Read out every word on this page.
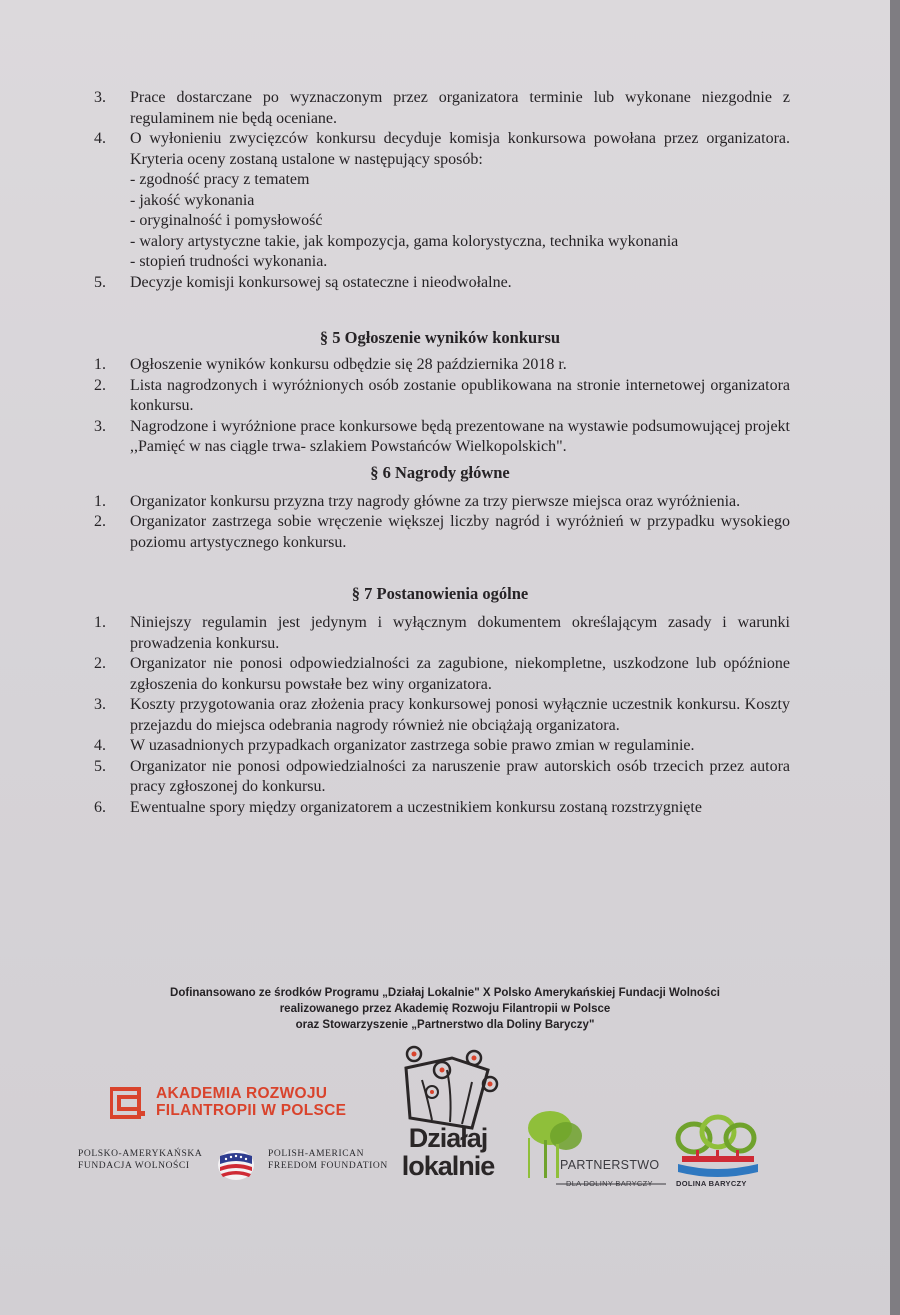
3. Prace dostarczane po wyznaczonym przez organizatora terminie lub wykonane niezgodnie z regulaminem nie będą oceniane.
4. O wyłonieniu zwycięzców konkursu decyduje komisja konkursowa powołana przez organizatora. Kryteria oceny zostaną ustalone w następujący sposób:
- zgodność pracy z tematem
- jakość wykonania
- oryginalność i pomysłowość
- walory artystyczne takie, jak kompozycja, gama kolorystyczna, technika wykonania
- stopień trudności wykonania.
5. Decyzje komisji konkursowej są ostateczne i nieodwołalne.
§ 5 Ogłoszenie wyników konkursu
1. Ogłoszenie wyników konkursu odbędzie się 28 października 2018 r.
2. Lista nagrodzonych i wyróżnionych osób zostanie opublikowana na stronie internetowej organizatora konkursu.
3. Nagrodzone i wyróżnione prace konkursowe będą prezentowane na wystawie podsumowującej projekt ,,Pamięć w nas ciągle trwa- szlakiem Powstańców Wielkopolskich".
§ 6 Nagrody główne
1. Organizator konkursu przyzna trzy nagrody główne za trzy pierwsze miejsca oraz wyróżnienia.
2. Organizator zastrzega sobie wręczenie większej liczby nagród i wyróżnień w przypadku wysokiego poziomu artystycznego konkursu.
§ 7 Postanowienia ogólne
1. Niniejszy regulamin jest jedynym i wyłącznym dokumentem określającym zasady i warunki prowadzenia konkursu.
2. Organizator nie ponosi odpowiedzialności za zagubione, niekompletne, uszkodzone lub opóźnione zgłoszenia do konkursu powstałe bez winy organizatora.
3. Koszty przygotowania oraz złożenia pracy konkursowej ponosi wyłącznie uczestnik konkursu. Koszty przejazdu do miejsca odebrania nagrody również nie obciążają organizatora.
4. W uzasadnionych przypadkach organizator zastrzega sobie prawo zmian w regulaminie.
5. Organizator nie ponosi odpowiedzialności za naruszenie praw autorskich osób trzecich przez autora pracy zgłoszonej do konkursu.
6. Ewentualne spory między organizatorem a uczestnikiem konkursu zostaną rozstrzygnięte
Dofinansowano ze środków Programu „Działaj Lokalnie" X Polsko Amerykańskiej Fundacji Wolności
realizowanego przez Akademię Rozwoju Filantropii w Polsce
oraz Stowarzyszenie „Partnerstwo dla Doliny Baryczy"
AKADEMIA ROZWOJU
FILANTROPII W POLSCE
POLSKO-AMERYKAŃSKA
FUNDACJA WOLNOŚCI
POLISH-AMERICAN
FREEDOM FOUNDATION
Działaj
lokalnie	PARTNERSTWO
DLA DOLINY BARYCZY	DOLINA BARYCZY
